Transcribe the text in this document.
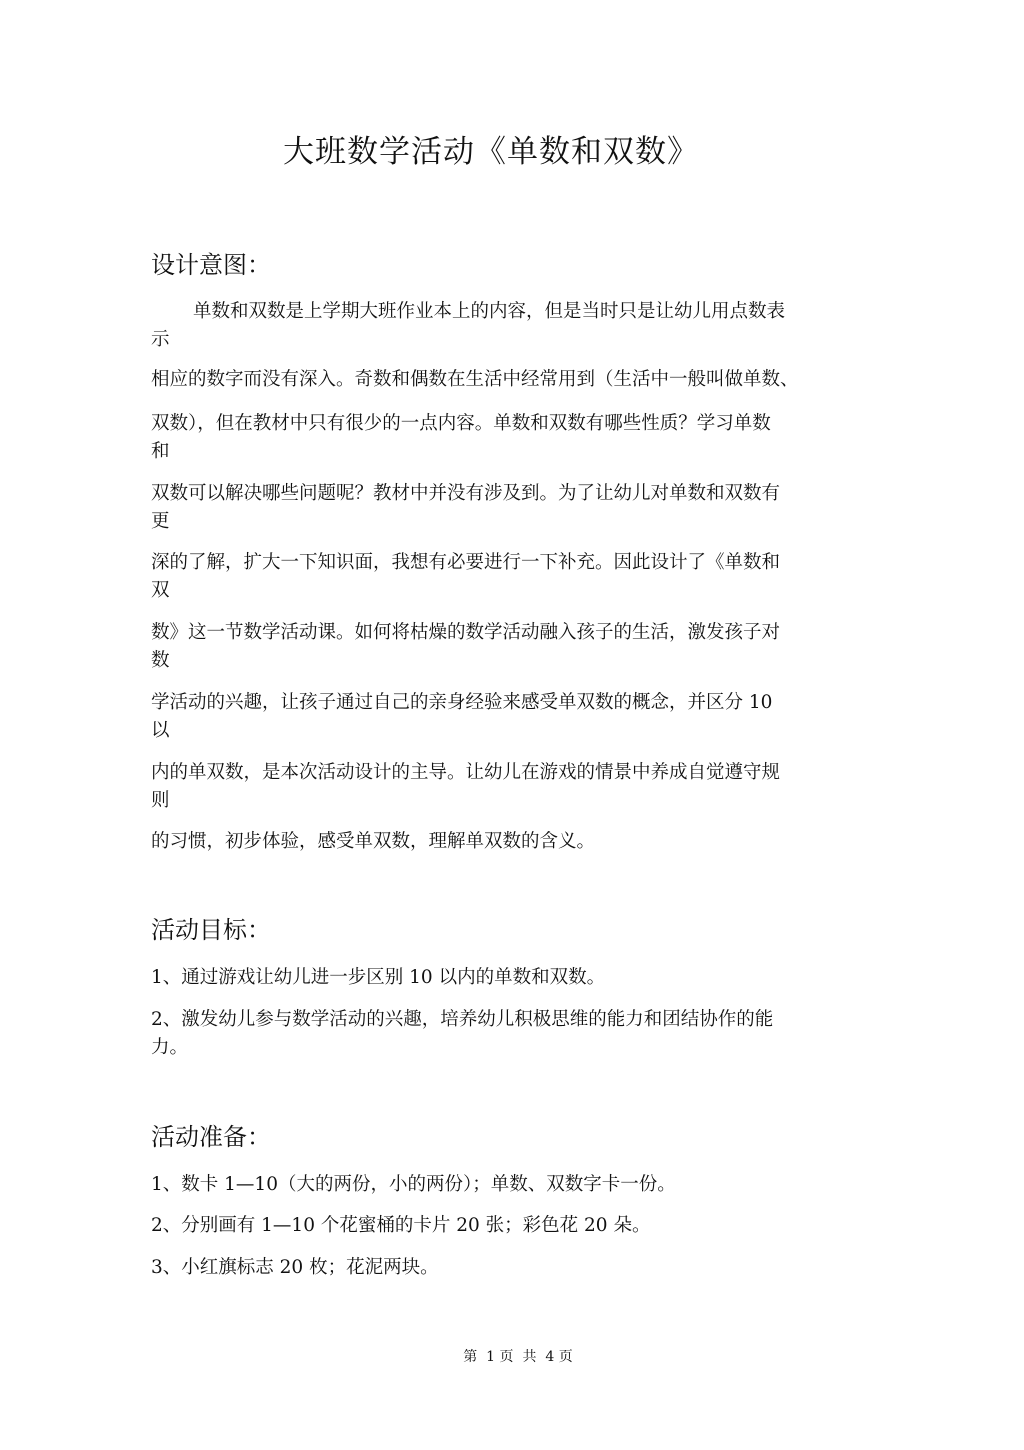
大班数学活动《单数和双数》
设计意图：
单数和双数是上学期大班作业本上的内容，但是当时只是让幼儿用点数表
示
相应的数字而没有深入。奇数和偶数在生活中经常用到（生活中一般叫做单数、
双数），但在教材中只有很少的一点内容。单数和双数有哪些性质？学习单数
和
双数可以解决哪些问题呢？教材中并没有涉及到。为了让幼儿对单数和双数有
更
深的了解，扩大一下知识面，我想有必要进行一下补充。因此设计了《单数和
双
数》这一节数学活动课。如何将枯燥的数学活动融入孩子的生活，激发孩子对
数
学活动的兴趣，让孩子通过自己的亲身经验来感受单双数的概念，并区分 10
以
内的单双数，是本次活动设计的主导。让幼儿在游戏的情景中养成自觉遵守规
则
的习惯，初步体验，感受单双数，理解单双数的含义。
活动目标：
1、通过游戏让幼儿进一步区别 10 以内的单数和双数。
2、激发幼儿参与数学活动的兴趣，培养幼儿积极思维的能力和团结协作的能
力。
活动准备：
1、数卡 1—10（大的两份，小的两份）；单数、双数字卡一份。
2、分别画有 1—10 个花蜜桶的卡片 20 张；彩色花 20 朵。
3、小红旗标志 20 枚；花泥两块。
第  1 页  共  4 页
